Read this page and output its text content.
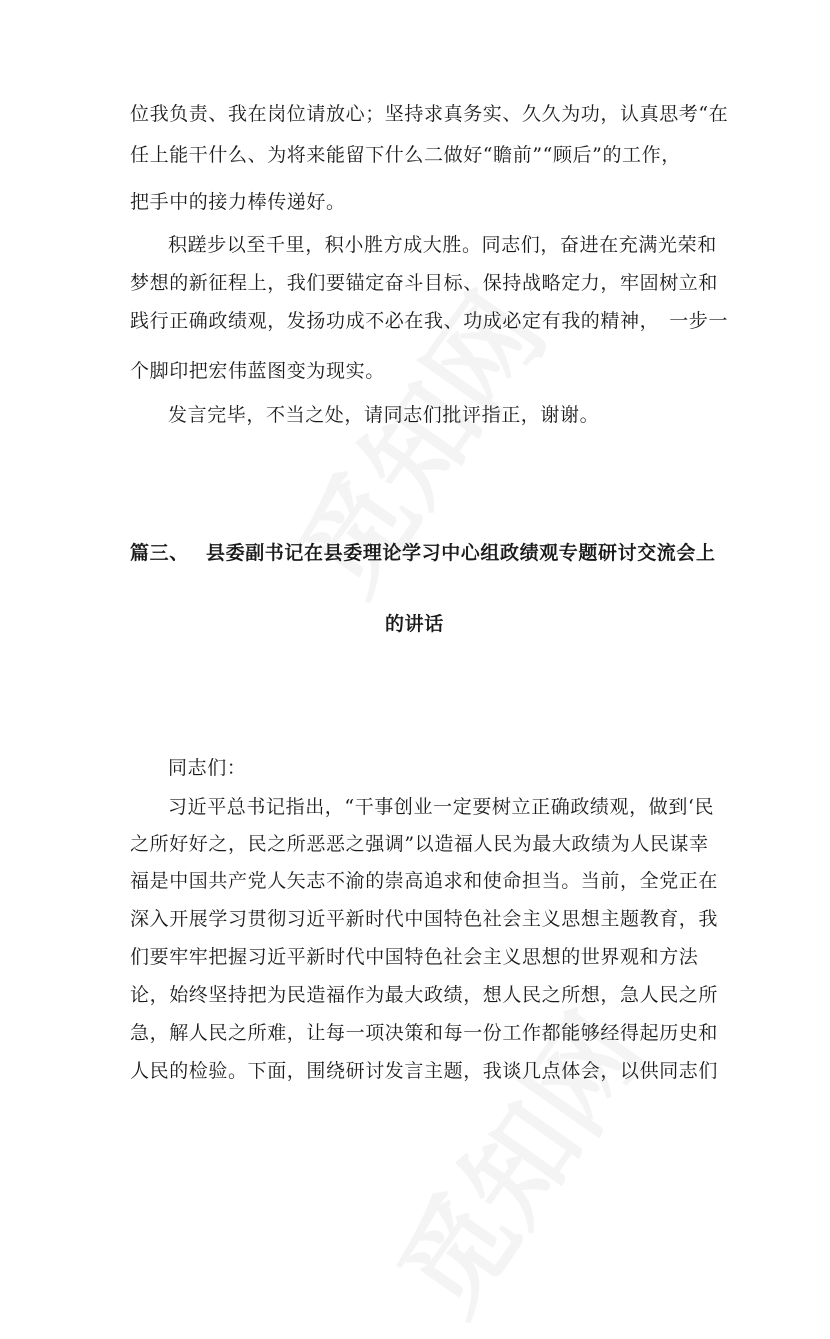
位我负责、我在岗位请放心；坚持求真务实、久久为功，认真思考“在
任上能干什么、为将来能留下什么二做好“瞻前”“顾后”的工作，
把手中的接力棒传递好。
积蹉步以至千里，积小胜方成大胜。同志们，奋进在充满光荣和
梦想的新征程上，我们要锚定奋斗目标、保持战略定力，牢固树立和
践行正确政绩观，发扬功成不必在我、功成必定有我的精神，　一步一
个脚印把宏伟蓝图变为现实。
发言完毕，不当之处，请同志们批评指正，谢谢。
篇三、 县委副书记在县委理论学习中心组政绩观专题研讨交流会上
的讲话
同志们：
习近平总书记指出，“干事创业一定要树立正确政绩观，做到‘民
之所好好之，民之所恶恶之强调”以造福人民为最大政绩为人民谋幸
福是中国共产党人矢志不渝的崇高追求和使命担当。当前，全党正在
深入开展学习贯彻习近平新时代中国特色社会主义思想主题教育，我
们要牢牢把握习近平新时代中国特色社会主义思想的世界观和方法
论，始终坚持把为民造福作为最大政绩，想人民之所想，急人民之所
急，解人民之所难，让每一项决策和每一份工作都能够经得起历史和
人民的检验。下面，围绕研讨发言主题，我谈几点体会，以供同志们
